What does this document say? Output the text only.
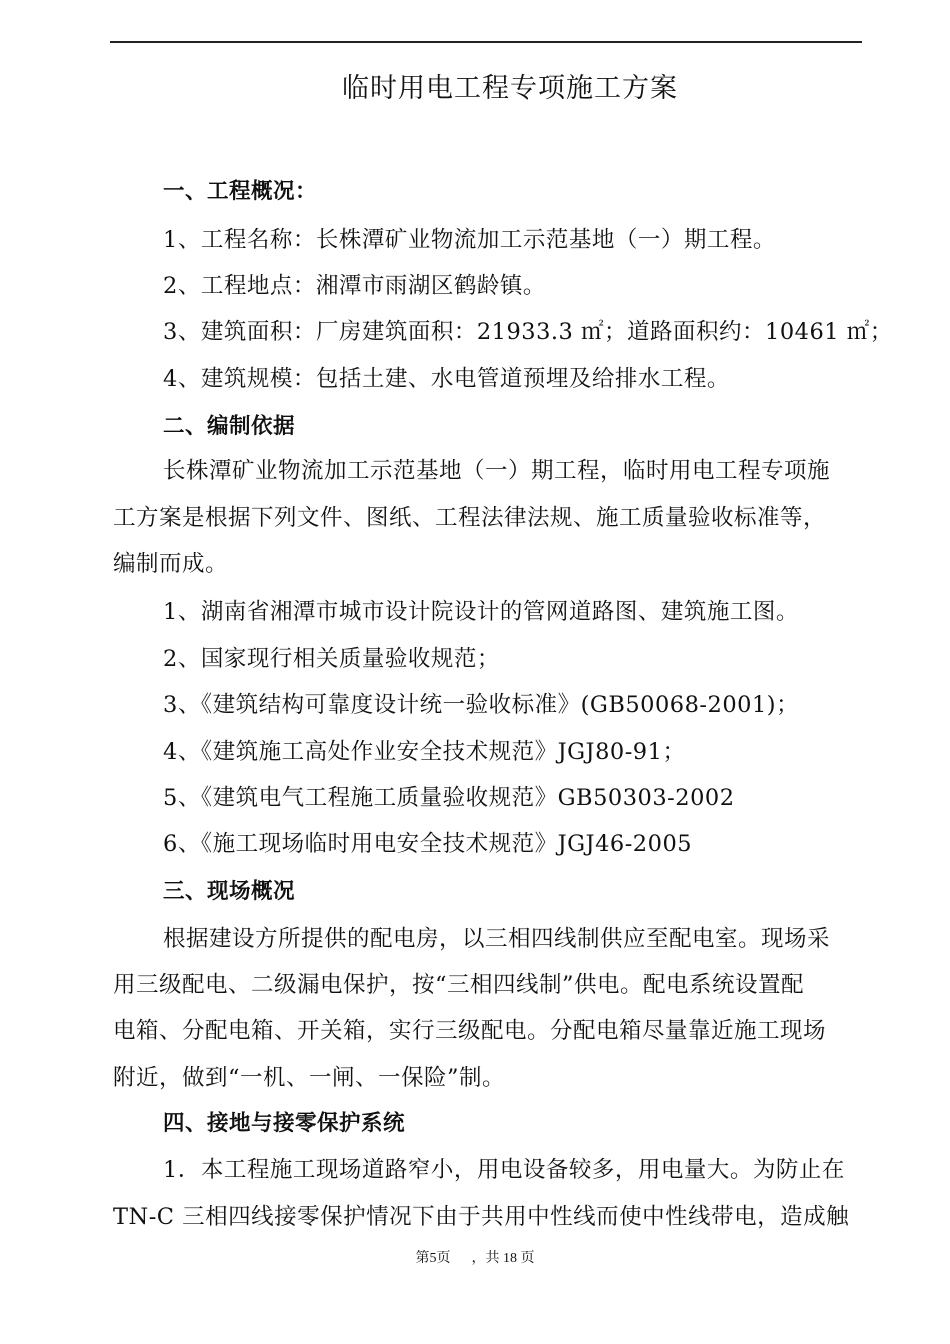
临时用电工程专项施工方案
一、工程概况：
1、工程名称：长株潭矿业物流加工示范基地（一）期工程。
2、工程地点：湘潭市雨湖区鹤龄镇。
3、建筑面积：厂房建筑面积：21933.3 ㎡；道路面积约：10461 ㎡；
4、建筑规模：包括土建、水电管道预埋及给排水工程。
二、编制依据
长株潭矿业物流加工示范基地（一）期工程，临时用电工程专项施
工方案是根据下列文件、图纸、工程法律法规、施工质量验收标准等，
编制而成。
1、湖南省湘潭市城市设计院设计的管网道路图、建筑施工图。
2、国家现行相关质量验收规范；
3、《建筑结构可靠度设计统一验收标准》(GB50068-2001)；
4、《建筑施工高处作业安全技术规范》JGJ80-91；
5、《建筑电气工程施工质量验收规范》GB50303-2002
6、《施工现场临时用电安全技术规范》JGJ46-2005
三、现场概况
根据建设方所提供的配电房，以三相四线制供应至配电室。现场采
用三级配电、二级漏电保护，按“三相四线制”供电。配电系统设置配
电箱、分配电箱、开关箱，实行三级配电。分配电箱尽量靠近施工现场
附近，做到“一机、一闸、一保险”制。
四、接地与接零保护系统
1．本工程施工现场道路窄小，用电设备较多，用电量大。为防止在
TN-C 三相四线接零保护情况下由于共用中性线而使中性线带电，造成触
第5页 ，共 18 页
